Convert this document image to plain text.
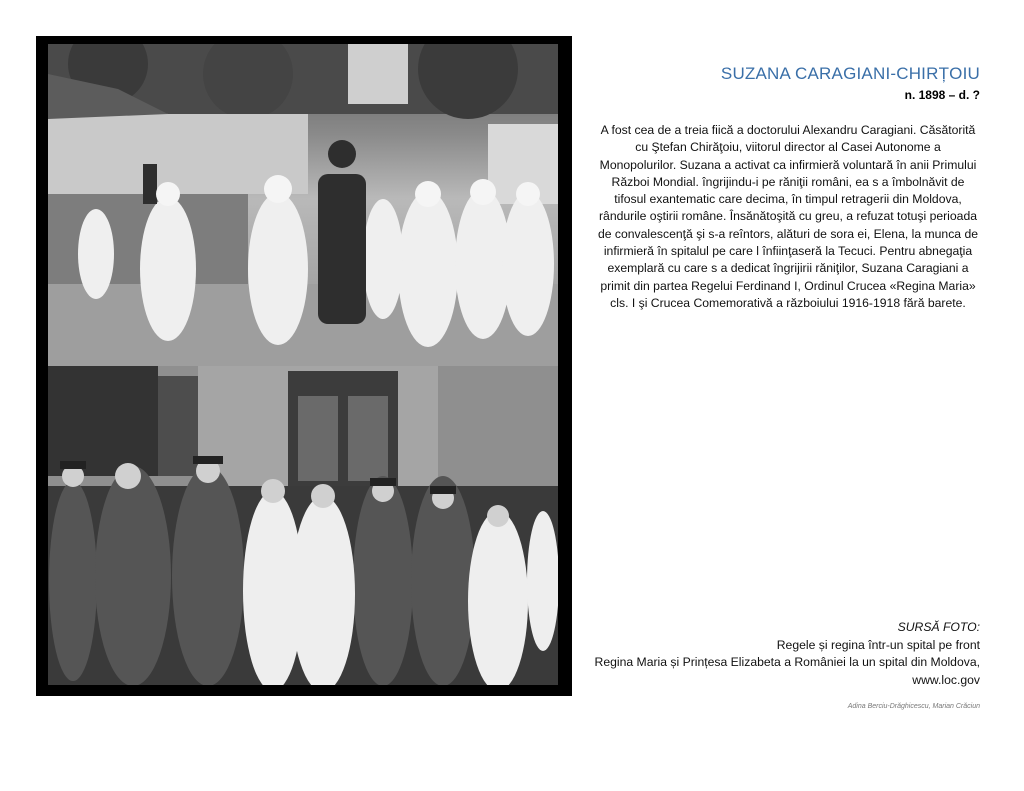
SUZANA CARAGIANI-CHIRȚOIU
n. 1898 – d. ?
A fost cea de a treia fiică a doctorului Alexandru Caragiani. Căsătorită cu Ştefan Chirăţoiu, viitorul director al Casei Autonome a Monopolurilor. Suzana a activat ca infirmieră voluntară în anii Primului Război Mondial. îngrijindu-i pe răniţii români, ea s a îmbolnăvit de tifosul exantematic care decima, în timpul retragerii din Moldova, rândurile oştirii române. Însănătoşită cu greu, a refuzat totuşi perioada de convalescenţă şi s-a reîntors, alături de sora ei, Elena, la munca de infirmieră în spitalul pe care l înfiinţaseră la Tecuci. Pentru abnegaţia exemplară cu care s a dedicat îngrijirii răniţilor, Suzana Caragiani a primit din partea Regelui Ferdinand I, Ordinul Crucea «Regina Maria» cls. I şi Crucea Comemorativă a războiului 1916-1918 fără barete.
SURSĂ FOTO:
Regele și regina într-un spital pe front
Regina Maria și Prințesa Elizabeta a României la un spital din Moldova, www.loc.gov
Adina Berciu-Drăghicescu, Marian Crăciun
